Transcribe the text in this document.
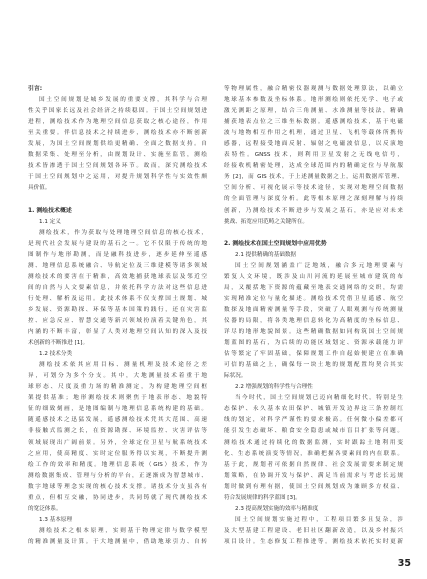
引言:
国土空间规划是城乡发展的重要支撑，其科学与合理
性关乎国家长远及社会经济之持续稳固。于国土空间规划进
进程，测绘技术作为地理空间信息获取之核心途径，作用
至关重要。伴信息技术之持续进步，测绘技术亦不断创新
发展，为国土空间规划供给更精确、全面之数据支持。自
数据采集、处理至分析，由规划设计、实施至监管，测绘
技术皆渗透于国土空间规划各环节。故而，深究测绘技术
于国土空间规划中之运用，对提升规划科学性与实效性颇
具价值。
1. 测绘技术概述
1.1 定义
测绘技术，作为获取与处理地理空间信息的核心技术，
是现代社会发展与建设的基石之一。它不仅限于传统的地
图制作与地形勘测，而是融科技进步，逐步延伸至遥感
测、地理信息系统融合、导航定位及三维建模等诸多领域
测绘技术的要害在于精准，高效地捕获地球表层及邻近空
间的自然与人文要素信息，并依托科学方法对这些信息进
行处理、解析及运用。此技术体系不仅支撑国土规划、城
乡发展、资源勘探、环保等基本国策的践行，还在灾害监
控、应急反应、智慧交通等新兴领域扮演着关键角色，其
内涵的不断丰富，彰显了人类对地理空间认知的深入及技
术创新的不断推进 [1]。
1.2 技术分类
测绘技术依其应用目标、测量机理及技术途径之差
异，可划分为多个分支。其中，大地测量技术着重于地
球形态、尺度及重力场的精准测定，为构建地理空间框
架提供基准；地形测绘技术则聚焦于地表形态、地貌特
征的细致刻画，是地图编制与地理信息系统构建的基础。
随遥感技术之迅猛发展，遥感测绘技术凭其大范围、高速
非接触式监测之长，在资源勘探、环境监控、灾害评估等
领域展现出广阔前景。另外，全球定位卫星与航系统技术
之应用，使高精度、实时定位服务得以实现，不断提升测
绘工作的效率和精度。地理信息系统（GIS）技术，作为
测绘数据集成、管理与分析的平台，正逐渐成为智慧城市、
数字地球等理念实现的核心技术支撑。诸技术分支虽各有
重点，但相互交融，协同进步，共同铸就了现代测绘技术
的宽泛体系。
1.3 基本原理
测绘技术之根本原理，实则基于物理定律与数学模型
的精准测量及计算。于大地测量中，借助地球引力、自转
等物理属性，融合精密仪器观测与数据处理算法，以确立
地球基本参数及坐标体系。地形测绘则依托光学、电子或
激光测距之原理，结合三角测量、水准测量等技法，精确
捕获地表点位之三维坐标数据。遥感测绘技术，基于电磁
波与地物相互作用之机理，通过卫星、飞机等载体所携传
感器，远程接受地面反射、辐射之电磁波信息，以反演地
表特性。GNSS 技术，则利用卫星发射之无线电信号，
经接收机精密处理，达成全球范围内的精确定位与导航服
务 [2]，而 GIS 技术，于上述测量数据之上，运用数据库管理、
空间分析、可视化展示等技术途径，实现对地理空间数据
的全面管理与深度分析。此等根本原理之深刻理解与持续
创新，乃测绘技术不断进步与发展之基石，亦是应对未来
挑战、拓宽应用范畴之关键所在。
2. 测绘技术在国土空间规划中应用优势
2.1 提供精确的基础数据
国土空间规划涵盖广泛地域，融合多元地理要素与
繁复人文环境，既涉及山川河流的延展至城市建筑的布
局，又覆括地下资源的蕴藏至地表交通网络的交织，均需
实现精准定位与量化描述。测绘技术凭借卫星遥感、航空
数探及地面精密测量等手段，突破了人眼观测与传统测量
仪器的局限，将各类地理信息转化为高精度的坐标信息、
详尽的地形地貌图景。这些精确数据如同构筑国土空间规
划蓝图的基石，为后续的功能区域划定、资源承载能力评
估等繁定了牢固基础，保障规划工作自起始便建立在准确
可信的基础之上，确保每一块土地的规划配置均契合其实
际状况。
2.2 增强规划的科学性与合理性
当今时代，国土空间规划已迈向精细化时代，特别是生
态保护、永久基本农田保护、城镇开发边界这三条控制红
线的划定，对科学严谨性的要求极高。任何微小偏差都可
能引发生态破坏、粮食安全隐患或城市盲目扩张等问题。
测绘技术通过持续化的数据监测，实时跟踪土地利用变
化、生态系统演变等情况，准确把握各要素间的内在联系。
基于此，规划者可依据自然规律、社会发展需要来制定规
划策略，在协调开发与保护、满足当前需求与考虑长远规
划时做到有理有据，使国土空间规划成为兼顾多方权益、
符合发展规律的科学蓝图 [3]。
2.3 提高规划实施的效率与精准度
国土空间规划实施过程中，工程项目繁多且复杂，涉
及大型基建工程建设、老旧社区翻新改造，以及乡村振兴
项目设计。生态修复工程推进等。测绘技术依托实时更新
35
